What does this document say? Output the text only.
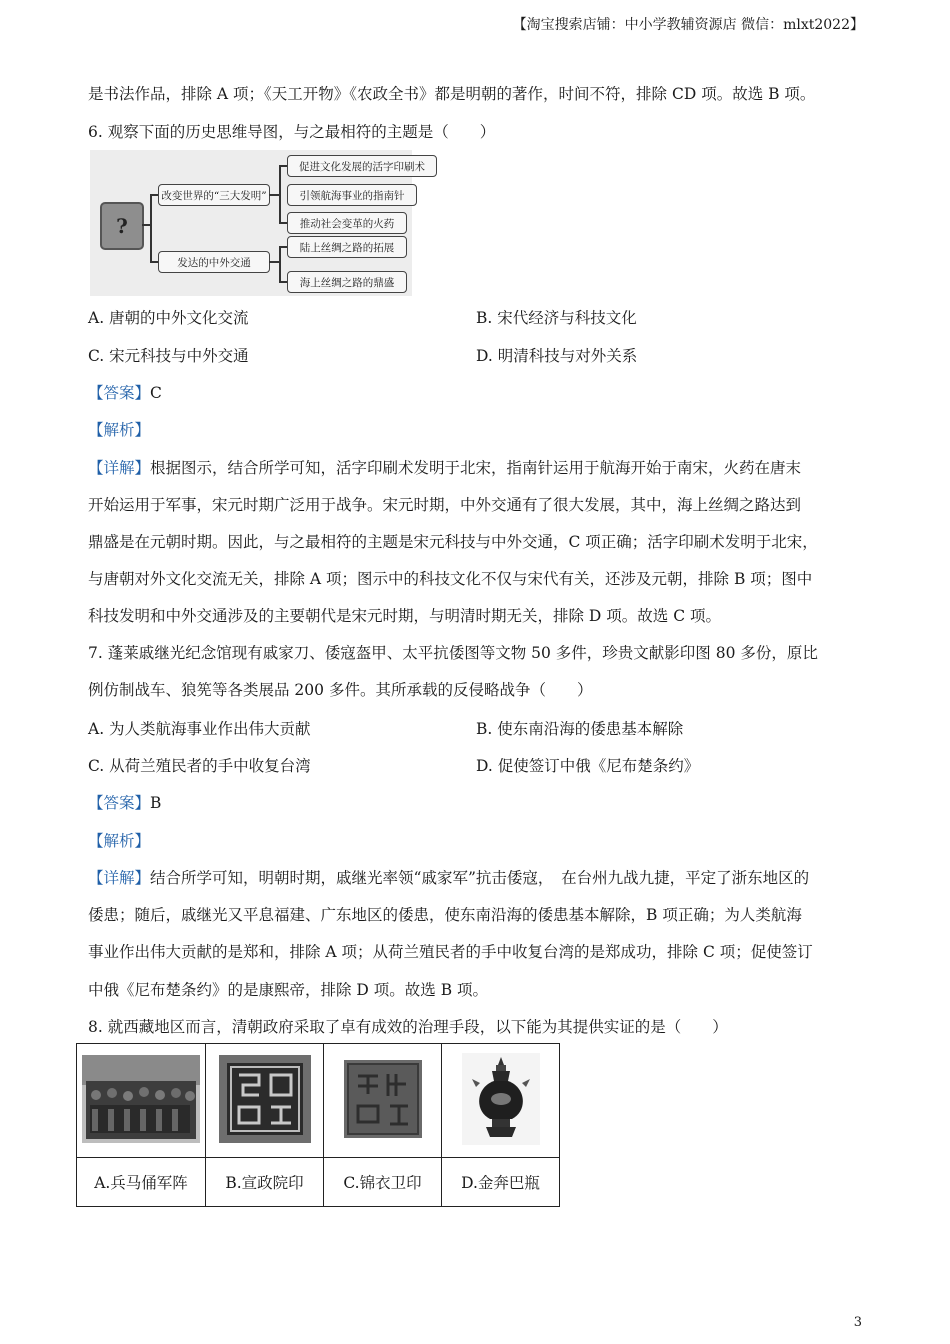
【淘宝搜索店铺：中小学教辅资源店 微信：mlxt2022】
是书法作品，排除 A 项；《天工开物》《农政全书》都是明朝的著作，时间不符，排除 CD 项。故选 B 项。
6. 观察下面的历史思维导图，与之最相符的主题是（　　）
?
改变世界的“三大发明”
发达的中外交通
促进文化发展的活字印刷术
引领航海事业的指南针
推动社会变革的火药
陆上丝绸之路的拓展
海上丝绸之路的鼎盛
A. 唐朝的中外文化交流	B. 宋代经济与科技文化
C. 宋元科技与中外交通	D. 明清科技与对外关系
【答案】C
【解析】
【详解】根据图示，结合所学可知，活字印刷术发明于北宋，指南针运用于航海开始于南宋，火药在唐末
开始运用于军事，宋元时期广泛用于战争。宋元时期，中外交通有了很大发展，其中，海上丝绸之路达到
鼎盛是在元朝时期。因此，与之最相符的主题是宋元科技与中外交通，C 项正确；活字印刷术发明于北宋，
与唐朝对外文化交流无关，排除 A 项；图示中的科技文化不仅与宋代有关，还涉及元朝，排除 B 项；图中
科技发明和中外交通涉及的主要朝代是宋元时期，与明清时期无关，排除 D 项。故选 C 项。
7. 蓬莱戚继光纪念馆现有戚家刀、倭寇盔甲、太平抗倭图等文物 50 多件，珍贵文献影印图 80 多份，原比
例仿制战车、狼筅等各类展品 200 多件。其所承载的反侵略战争（　　）
A. 为人类航海事业作出伟大贡献	B. 使东南沿海的倭患基本解除
C. 从荷兰殖民者的手中收复台湾	D. 促使签订中俄《尼布楚条约》
【答案】B
【解析】
【详解】结合所学可知，明朝时期，戚继光率领“戚家军”抗击倭寇，　在台州九战九捷，平定了浙东地区的
倭患；随后，戚继光又平息福建、广东地区的倭患，使东南沿海的倭患基本解除，B 项正确；为人类航海
事业作出伟大贡献的是郑和，排除 A 项；从荷兰殖民者的手中收复台湾的是郑成功，排除 C 项；促使签订
中俄《尼布楚条约》的是康熙帝，排除 D 项。故选 B 项。
8. 就西藏地区而言，清朝政府采取了卓有成效的治理手段，以下能为其提供实证的是（　　）

A.兵马俑军阵	B.宣政院印	C.锦衣卫印	D.金奔巴瓶
3
